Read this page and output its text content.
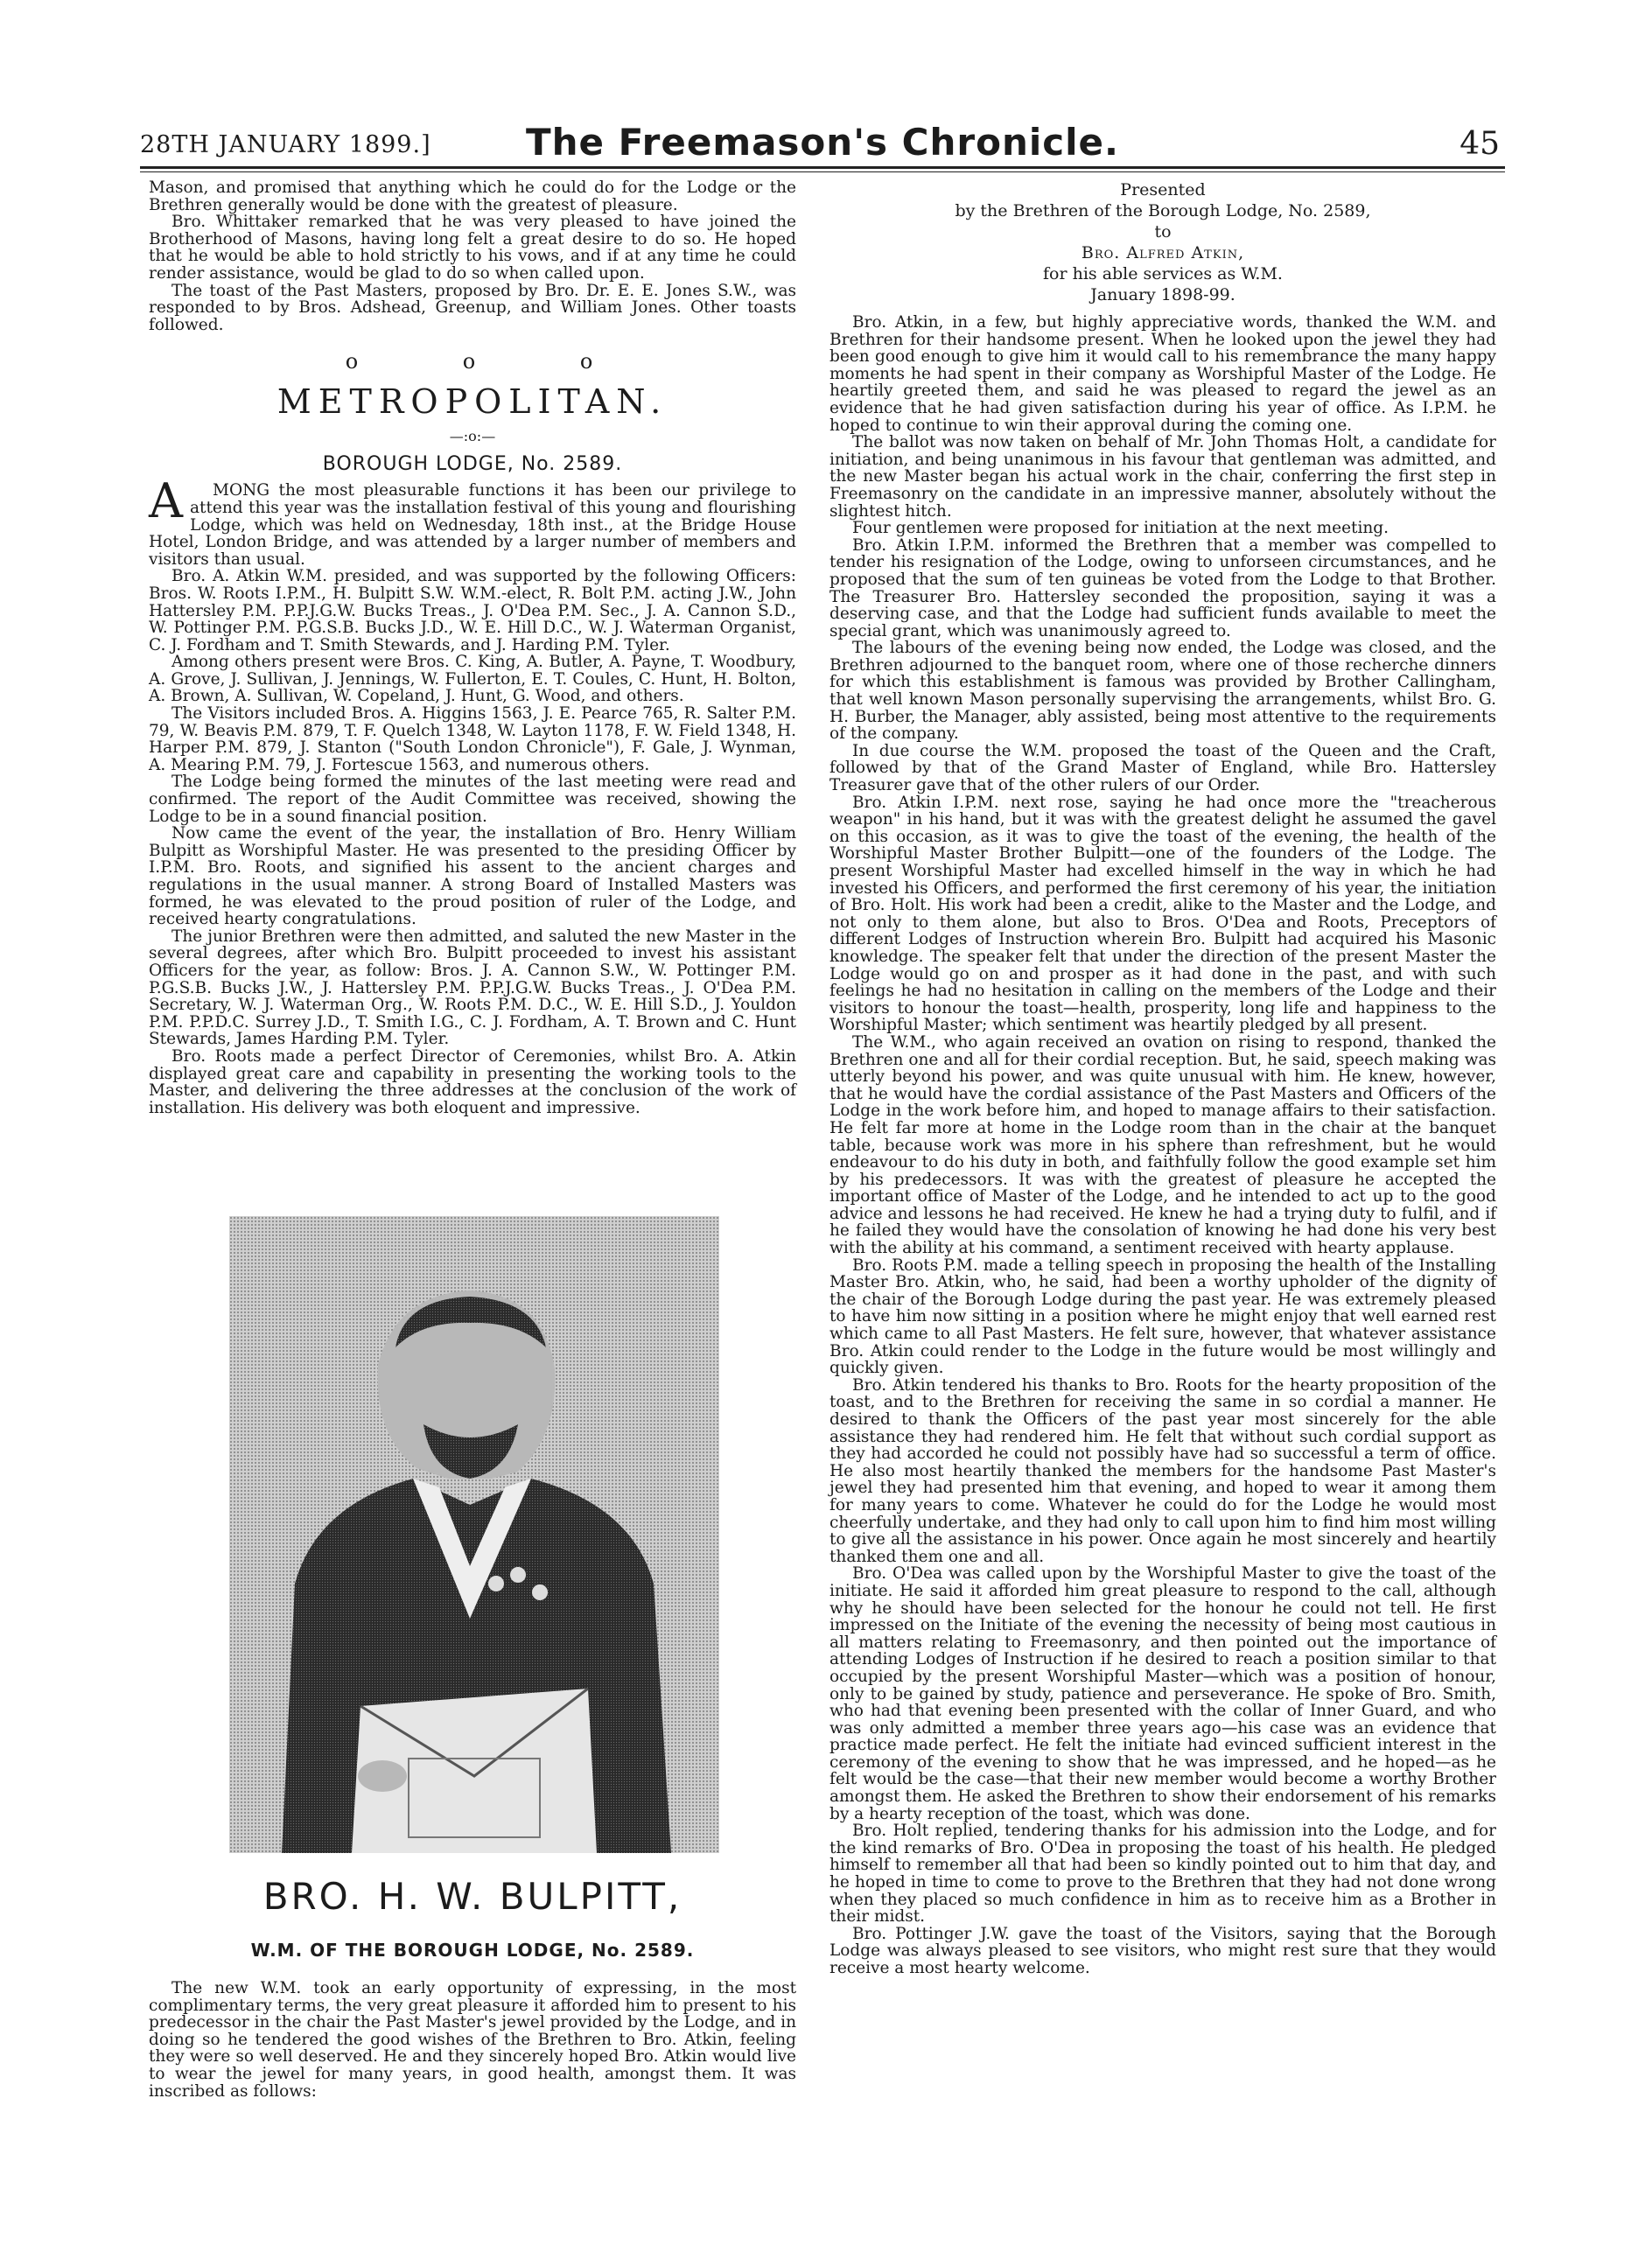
28TH JANUARY 1899.]	The Freemason's Chronicle.	45

Mason, and promised that anything which he could do for the Lodge or the Brethren generally would be done with the greatest of pleasure.

Bro. Whittaker remarked that he was very pleased to have joined the Brotherhood of Masons, having long felt a great desire to do so. He hoped that he would be able to hold strictly to his vows, and if at any time he could render assistance, would be glad to do so when called upon.

The toast of the Past Masters, proposed by Bro. Dr. E. E. Jones S.W., was responded to by Bros. Adshead, Greenup, and William Jones. Other toasts followed.

o o o
METROPOLITAN.
—:o:—
BOROUGH LODGE, No. 2589.

A MONG the most pleasurable functions it has been our privilege to attend this year was the installation festival of this young and flourishing Lodge, which was held on Wednesday, 18th inst., at the Bridge House Hotel, London Bridge, and was attended by a larger number of members and visitors than usual.

Bro. A. Atkin W.M. presided, and was supported by the following Officers: Bros. W. Roots I.P.M., H. Bulpitt S.W. W.M.-elect, R. Bolt P.M. acting J.W., John Hattersley P.M. P.P.J.G.W. Bucks Treas., J. O'Dea P.M. Sec., J. A. Cannon S.D., W. Pottinger P.M. P.G.S.B. Bucks J.D., W. E. Hill D.C., W. J. Waterman Organist, C. J. Fordham and T. Smith Stewards, and J. Harding P.M. Tyler.

Among others present were Bros. C. King, A. Butler, A. Payne, T. Woodbury, A. Grove, J. Sullivan, J. Jennings, W. Fullerton, E. T. Coules, C. Hunt, H. Bolton, A. Brown, A. Sullivan, W. Copeland, J. Hunt, G. Wood, and others.

The Visitors included Bros. A. Higgins 1563, J. E. Pearce 765, R. Salter P.M. 79, W. Beavis P.M. 879, T. F. Quelch 1348, W. Layton 1178, F. W. Field 1348, H. Harper P.M. 879, J. Stanton ("South London Chronicle"), F. Gale, J. Wynman, A. Mearing P.M. 79, J. Fortescue 1563, and numerous others.

The Lodge being formed the minutes of the last meeting were read and confirmed. The report of the Audit Committee was received, showing the Lodge to be in a sound financial position.

Now came the event of the year, the installation of Bro. Henry William Bulpitt as Worshipful Master. He was presented to the presiding Officer by I.P.M. Bro. Roots, and signified his assent to the ancient charges and regulations in the usual manner. A strong Board of Installed Masters was formed, he was elevated to the proud position of ruler of the Lodge, and received hearty congratulations.

The junior Brethren were then admitted, and saluted the new Master in the several degrees, after which Bro. Bulpitt proceeded to invest his assistant Officers for the year, as follow: Bros. J. A. Cannon S.W., W. Pottinger P.M. P.G.S.B. Bucks J.W., J. Hattersley P.M. P.P.J.G.W. Bucks Treas., J. O'Dea P.M. Secretary, W. J. Waterman Org., W. Roots P.M. D.C., W. E. Hill S.D., J. Youldon P.M. P.P.D.C. Surrey J.D., T. Smith I.G., C. J. Fordham, A. T. Brown and C. Hunt Stewards, James Harding P.M. Tyler.

Bro. Roots made a perfect Director of Ceremonies, whilst Bro. A. Atkin displayed great care and capability in presenting the working tools to the Master, and delivering the three addresses at the conclusion of the work of installation. His delivery was both eloquent and impressive.

BRO. H. W. BULPITT,
W.M. OF THE BOROUGH LODGE, No. 2589.

The new W.M. took an early opportunity of expressing, in the most complimentary terms, the very great pleasure it afforded him to present to his predecessor in the chair the Past Master's jewel provided by the Lodge, and in doing so he tendered the good wishes of the Brethren to Bro. Atkin, feeling they were so well deserved. He and they sincerely hoped Bro. Atkin would live to wear the jewel for many years, in good health, amongst them. It was inscribed as follows:

Presented
by the Brethren of the Borough Lodge, No. 2589,
to
Bro. Alfred Atkin,
for his able services as W.M.
January 1898-99.

Bro. Atkin, in a few, but highly appreciative words, thanked the W.M. and Brethren for their handsome present. When he looked upon the jewel they had been good enough to give him it would call to his remembrance the many happy moments he had spent in their company as Worshipful Master of the Lodge. He heartily greeted them, and said he was pleased to regard the jewel as an evidence that he had given satisfaction during his year of office. As I.P.M. he hoped to continue to win their approval during the coming one.

The ballot was now taken on behalf of Mr. John Thomas Holt, a candidate for initiation, and being unanimous in his favour that gentleman was admitted, and the new Master began his actual work in the chair, conferring the first step in Freemasonry on the candidate in an impressive manner, absolutely without the slightest hitch.

Four gentlemen were proposed for initiation at the next meeting.

Bro. Atkin I.P.M. informed the Brethren that a member was compelled to tender his resignation of the Lodge, owing to unforseen circumstances, and he proposed that the sum of ten guineas be voted from the Lodge to that Brother. The Treasurer Bro. Hattersley seconded the proposition, saying it was a deserving case, and that the Lodge had sufficient funds available to meet the special grant, which was unanimously agreed to.

The labours of the evening being now ended, the Lodge was closed, and the Brethren adjourned to the banquet room, where one of those recherche dinners for which this establishment is famous was provided by Brother Callingham, that well known Mason personally supervising the arrangements, whilst Bro. G. H. Burber, the Manager, ably assisted, being most attentive to the requirements of the company.

In due course the W.M. proposed the toast of the Queen and the Craft, followed by that of the Grand Master of England, while Bro. Hattersley Treasurer gave that of the other rulers of our Order.

Bro. Atkin I.P.M. next rose, saying he had once more the "treacherous weapon" in his hand, but it was with the greatest delight he assumed the gavel on this occasion, as it was to give the toast of the evening, the health of the Worshipful Master Brother Bulpitt—one of the founders of the Lodge. The present Worshipful Master had excelled himself in the way in which he had invested his Officers, and performed the first ceremony of his year, the initiation of Bro. Holt. His work had been a credit, alike to the Master and the Lodge, and not only to them alone, but also to Bros. O'Dea and Roots, Preceptors of different Lodges of Instruction wherein Bro. Bulpitt had acquired his Masonic knowledge. The speaker felt that under the direction of the present Master the Lodge would go on and prosper as it had done in the past, and with such feelings he had no hesitation in calling on the members of the Lodge and their visitors to honour the toast—health, prosperity, long life and happiness to the Worshipful Master; which sentiment was heartily pledged by all present.

The W.M., who again received an ovation on rising to respond, thanked the Brethren one and all for their cordial reception. But, he said, speech making was utterly beyond his power, and was quite unusual with him. He knew, however, that he would have the cordial assistance of the Past Masters and Officers of the Lodge in the work before him, and hoped to manage affairs to their satisfaction. He felt far more at home in the Lodge room than in the chair at the banquet table, because work was more in his sphere than refreshment, but he would endeavour to do his duty in both, and faithfully follow the good example set him by his predecessors. It was with the greatest of pleasure he accepted the important office of Master of the Lodge, and he intended to act up to the good advice and lessons he had received. He knew he had a trying duty to fulfil, and if he failed they would have the consolation of knowing he had done his very best with the ability at his command, a sentiment received with hearty applause.

Bro. Roots P.M. made a telling speech in proposing the health of the Installing Master Bro. Atkin, who, he said, had been a worthy upholder of the dignity of the chair of the Borough Lodge during the past year. He was extremely pleased to have him now sitting in a position where he might enjoy that well earned rest which came to all Past Masters. He felt sure, however, that whatever assistance Bro. Atkin could render to the Lodge in the future would be most willingly and quickly given.

Bro. Atkin tendered his thanks to Bro. Roots for the hearty proposition of the toast, and to the Brethren for receiving the same in so cordial a manner. He desired to thank the Officers of the past year most sincerely for the able assistance they had rendered him. He felt that without such cordial support as they had accorded he could not possibly have had so successful a term of office. He also most heartily thanked the members for the handsome Past Master's jewel they had presented him that evening, and hoped to wear it among them for many years to come. Whatever he could do for the Lodge he would most cheerfully undertake, and they had only to call upon him to find him most willing to give all the assistance in his power. Once again he most sincerely and heartily thanked them one and all.

Bro. O'Dea was called upon by the Worshipful Master to give the toast of the initiate. He said it afforded him great pleasure to respond to the call, although why he should have been selected for the honour he could not tell. He first impressed on the Initiate of the evening the necessity of being most cautious in all matters relating to Freemasonry, and then pointed out the importance of attending Lodges of Instruction if he desired to reach a position similar to that occupied by the present Worshipful Master—which was a position of honour, only to be gained by study, patience and perseverance. He spoke of Bro. Smith, who had that evening been presented with the collar of Inner Guard, and who was only admitted a member three years ago—his case was an evidence that practice made perfect. He felt the initiate had evinced sufficient interest in the ceremony of the evening to show that he was impressed, and he hoped—as he felt would be the case—that their new member would become a worthy Brother amongst them. He asked the Brethren to show their endorsement of his remarks by a hearty reception of the toast, which was done.

Bro. Holt replied, tendering thanks for his admission into the Lodge, and for the kind remarks of Bro. O'Dea in proposing the toast of his health. He pledged himself to remember all that had been so kindly pointed out to him that day, and he hoped in time to come to prove to the Brethren that they had not done wrong when they placed so much confidence in him as to receive him as a Brother in their midst.

Bro. Pottinger J.W. gave the toast of the Visitors, saying that the Borough Lodge was always pleased to see visitors, who might rest sure that they would receive a most hearty welcome.
